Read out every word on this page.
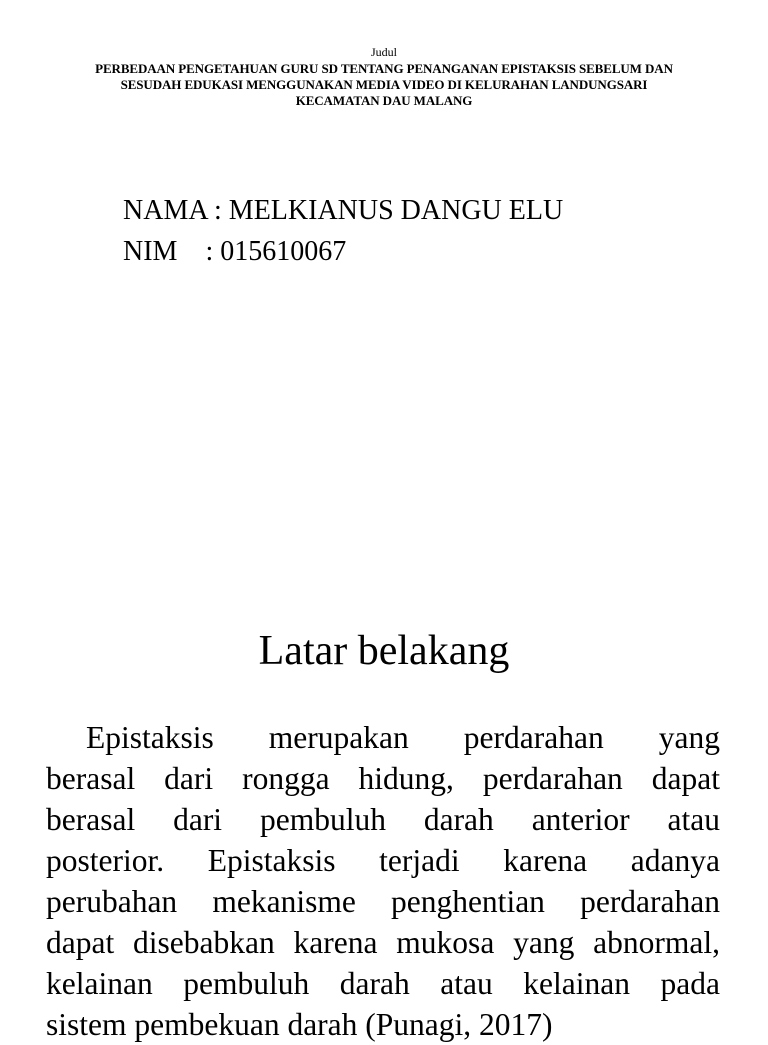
Judul
PERBEDAAN PENGETAHUAN GURU SD TENTANG PENANGANAN EPISTAKSIS SEBELUM DAN
SESUDAH EDUKASI MENGGUNAKAN MEDIA VIDEO DI KELURAHAN LANDUNGSARI
KECAMATAN DAU MALANG
NAMA : MELKIANUS DANGU ELU
NIM    : 015610067
Latar belakang
Epistaksis merupakan perdarahan yang
berasal dari rongga hidung, perdarahan dapat
berasal dari pembuluh darah anterior atau
posterior. Epistaksis terjadi karena adanya
perubahan mekanisme penghentian perdarahan
dapat disebabkan karena mukosa yang abnormal,
kelainan pembuluh darah atau kelainan pada
sistem pembekuan darah (Punagi, 2017)
